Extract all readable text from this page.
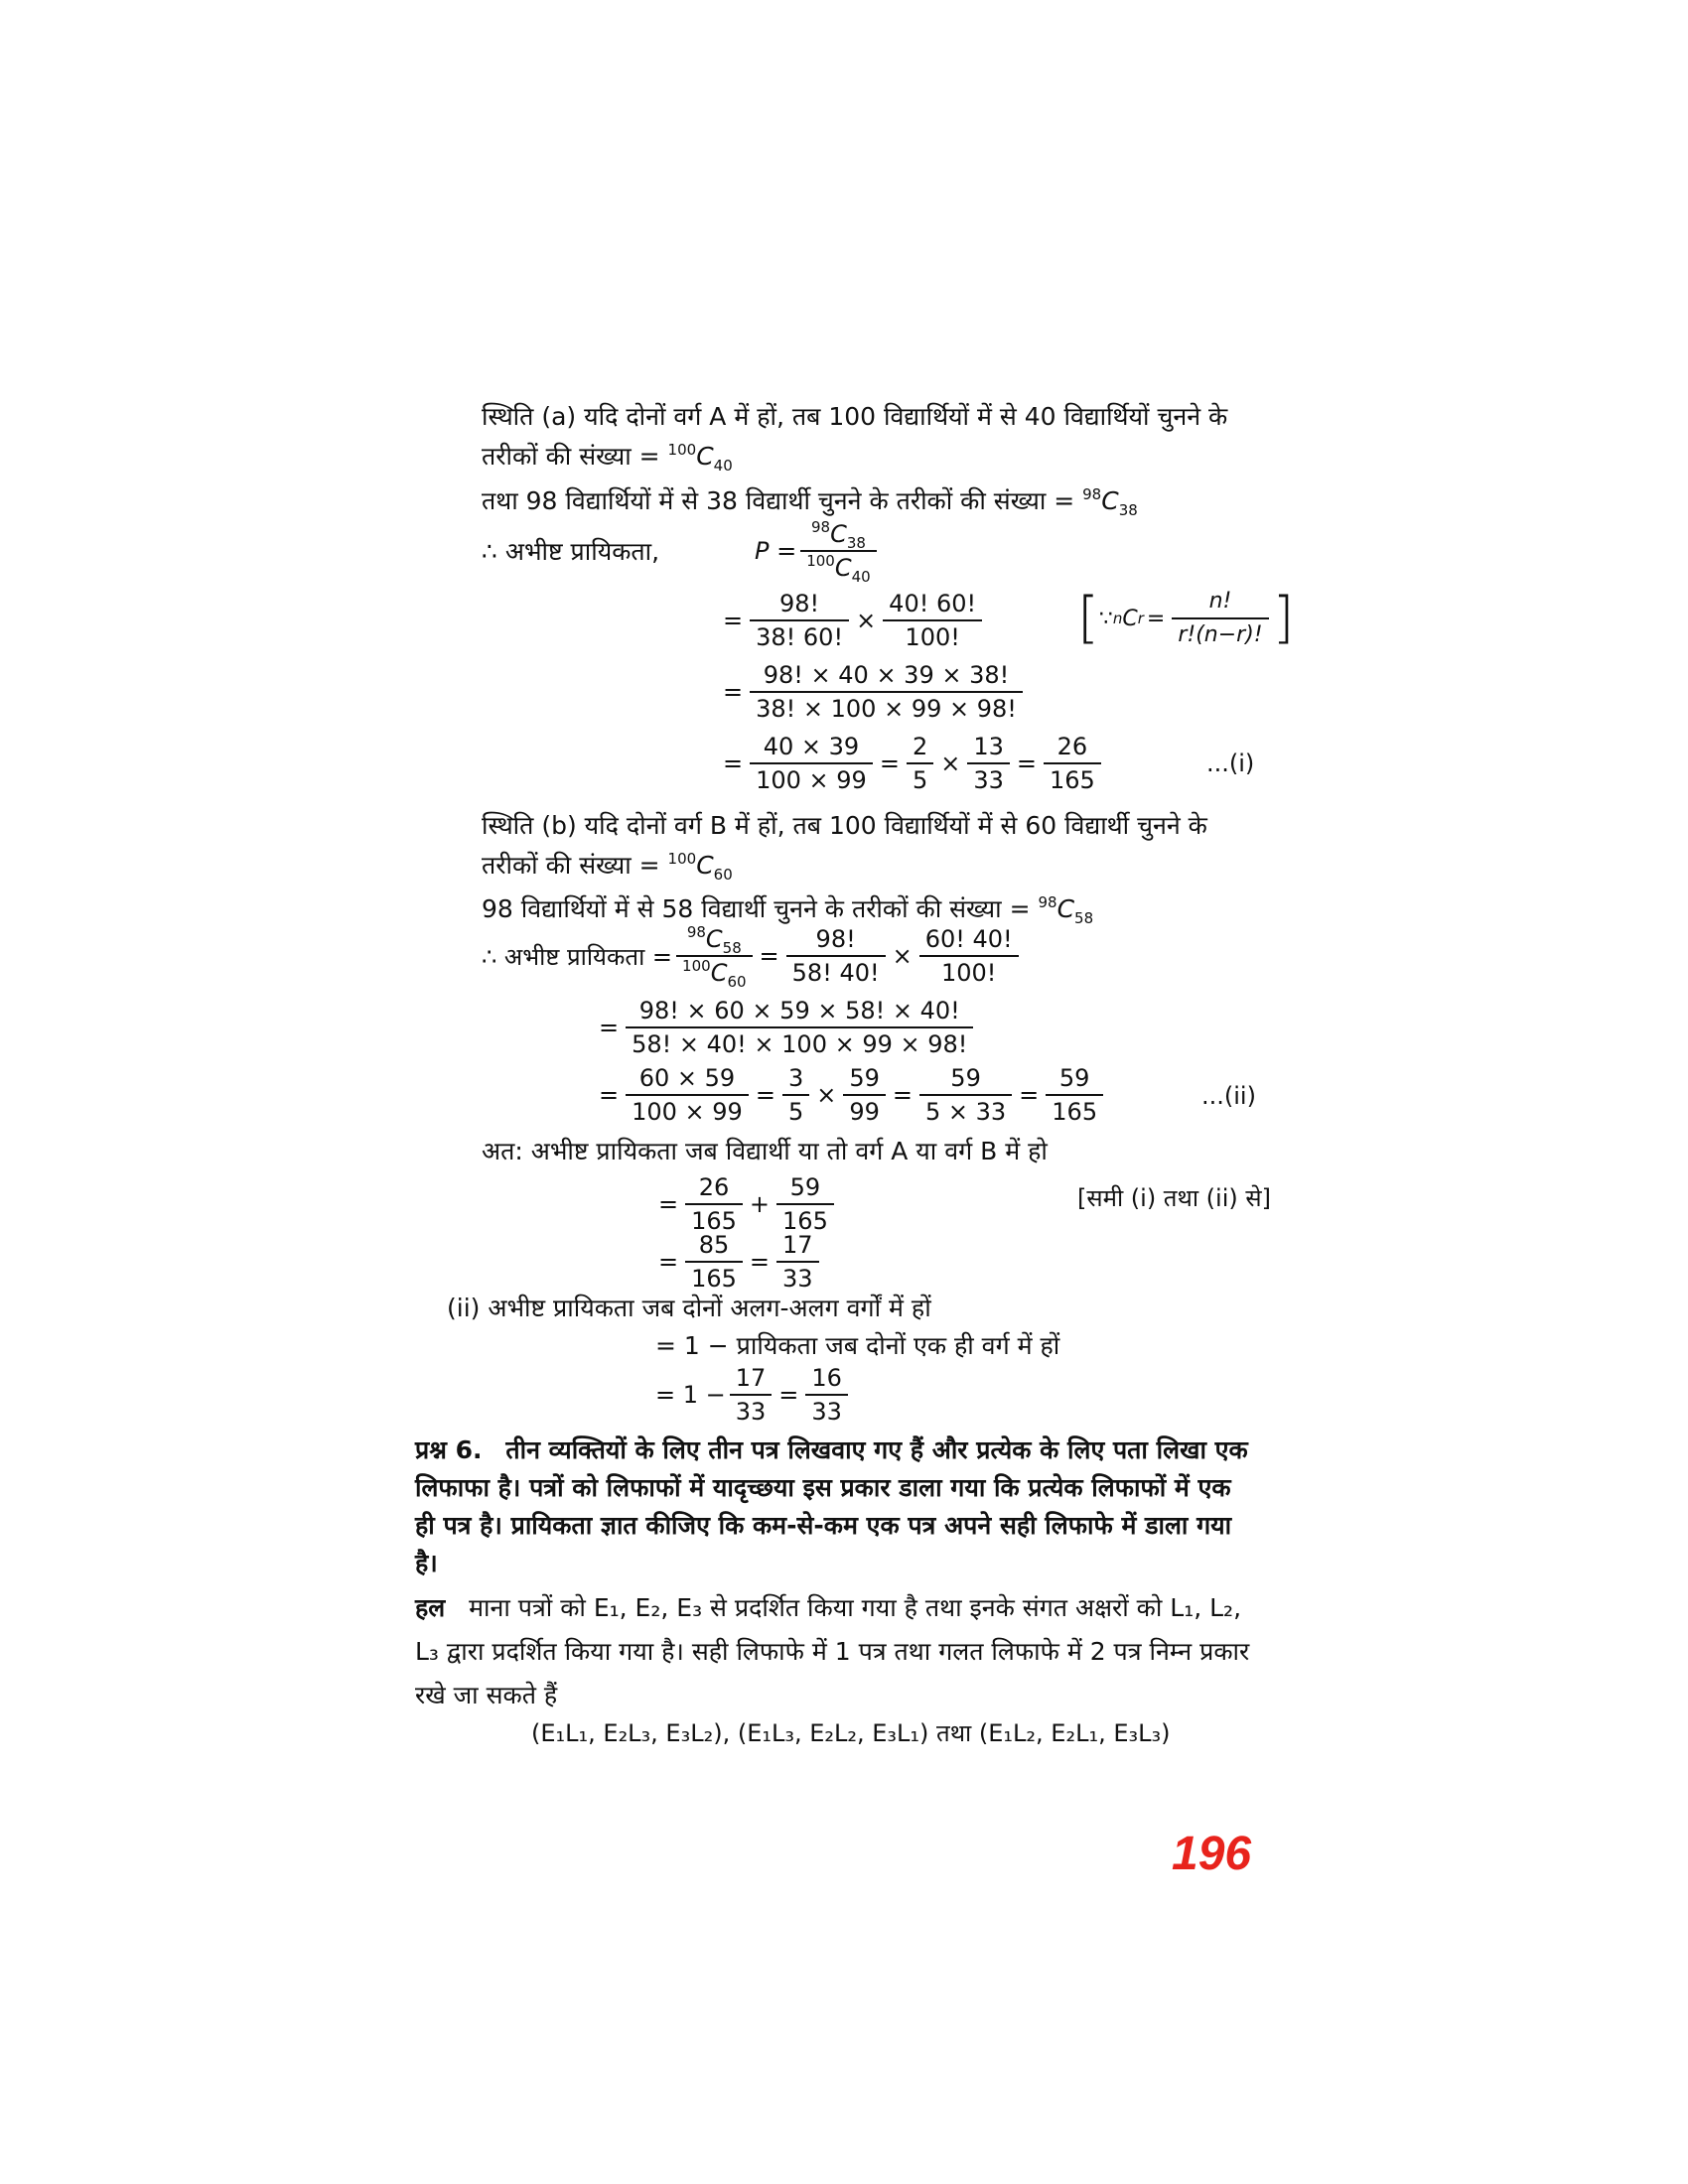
स्थिति (a) यदि दोनों वर्ग A में हों, तब 100 विद्यार्थियों में से 40 विद्यार्थियों चुनने के
तरीकों की संख्या = $^{100}C_{40}$
तथा 98 विद्यार्थियों में से 38 विद्यार्थी चुनने के तरीकों की संख्या = $^{98}C_{38}$
∴ अभीष्ट प्रायिकता,	$P = \frac{^{98}C_{38}}{^{100}C_{40}}$
= $\frac{98!}{38! 60!} \times \frac{40! 60!}{100!}$ [ ∵ n C $r = \frac{n!}{r!(n-r)!}$ ]
= $\frac{98! \times 40 \times 39 \times 38!}{38! \times 100 \times 99 \times 98!}$
= $\frac{40 \times 39}{100 \times 99} = \frac{2}{5} \times \frac{13}{33} = \frac{26}{165}$	...(i)
स्थिति (b) यदि दोनों वर्ग B में हों, तब 100 विद्यार्थियों में से 60 विद्यार्थी चुनने के
तरीकों की संख्या = $^{100}C_{60}$
98 विद्यार्थियों में से 58 विद्यार्थी चुनने के तरीकों की संख्या = $^{98}C_{58}$
∴ अभीष्ट प्रायिकता = $\frac{^{98}C_{58}}{^{100}C_{60}} = \frac{98!}{58! 40!} \times \frac{60! 40!}{100!}$
= $\frac{98! \times 60 \times 59 \times 58! \times 40!}{58! \times 40! \times 100 \times 99 \times 98!}$
= $\frac{60 \times 59}{100 \times 99} = \frac{3}{5} \times \frac{59}{99} = \frac{59}{5 \times 33} = \frac{59}{165}$	...(ii)
अत: अभीष्ट प्रायिकता जब विद्यार्थी या तो वर्ग A या वर्ग B में हो
= $\frac{26}{165} + \frac{59}{165}$	[समी (i) तथा (ii) से]
= $\frac{85}{165} = \frac{17}{33}$
(ii) अभीष्ट प्रायिकता जब दोनों अलग-अलग वर्गों में हों
= 1 − प्रायिकता जब दोनों एक ही वर्ग में हों
= $1 - \frac{17}{33} = \frac{16}{33}$
प्रश्न 6. तीन व्यक्तियों के लिए तीन पत्र लिखवाए गए हैं और प्रत्येक के लिए पता लिखा एक लिफाफा है। पत्रों को लिफाफों में यादृच्छया इस प्रकार डाला गया कि प्रत्येक लिफाफों में एक ही पत्र है। प्रायिकता ज्ञात कीजिए कि कम-से-कम एक पत्र अपने सही लिफाफे में डाला गया है।
हल माना पत्रों को E₁, E₂, E₃ से प्रदर्शित किया गया है तथा इनके संगत अक्षरों को L₁, L₂, L₃ द्वारा प्रदर्शित किया गया है। सही लिफाफे में 1 पत्र तथा गलत लिफाफे में 2 पत्र निम्न प्रकार रखे जा सकते हैं
(E₁L₁, E₂L₃, E₃L₂), (E₁L₃, E₂L₂, E₃L₁) तथा (E₁L₂, E₂L₁, E₃L₃)
196
